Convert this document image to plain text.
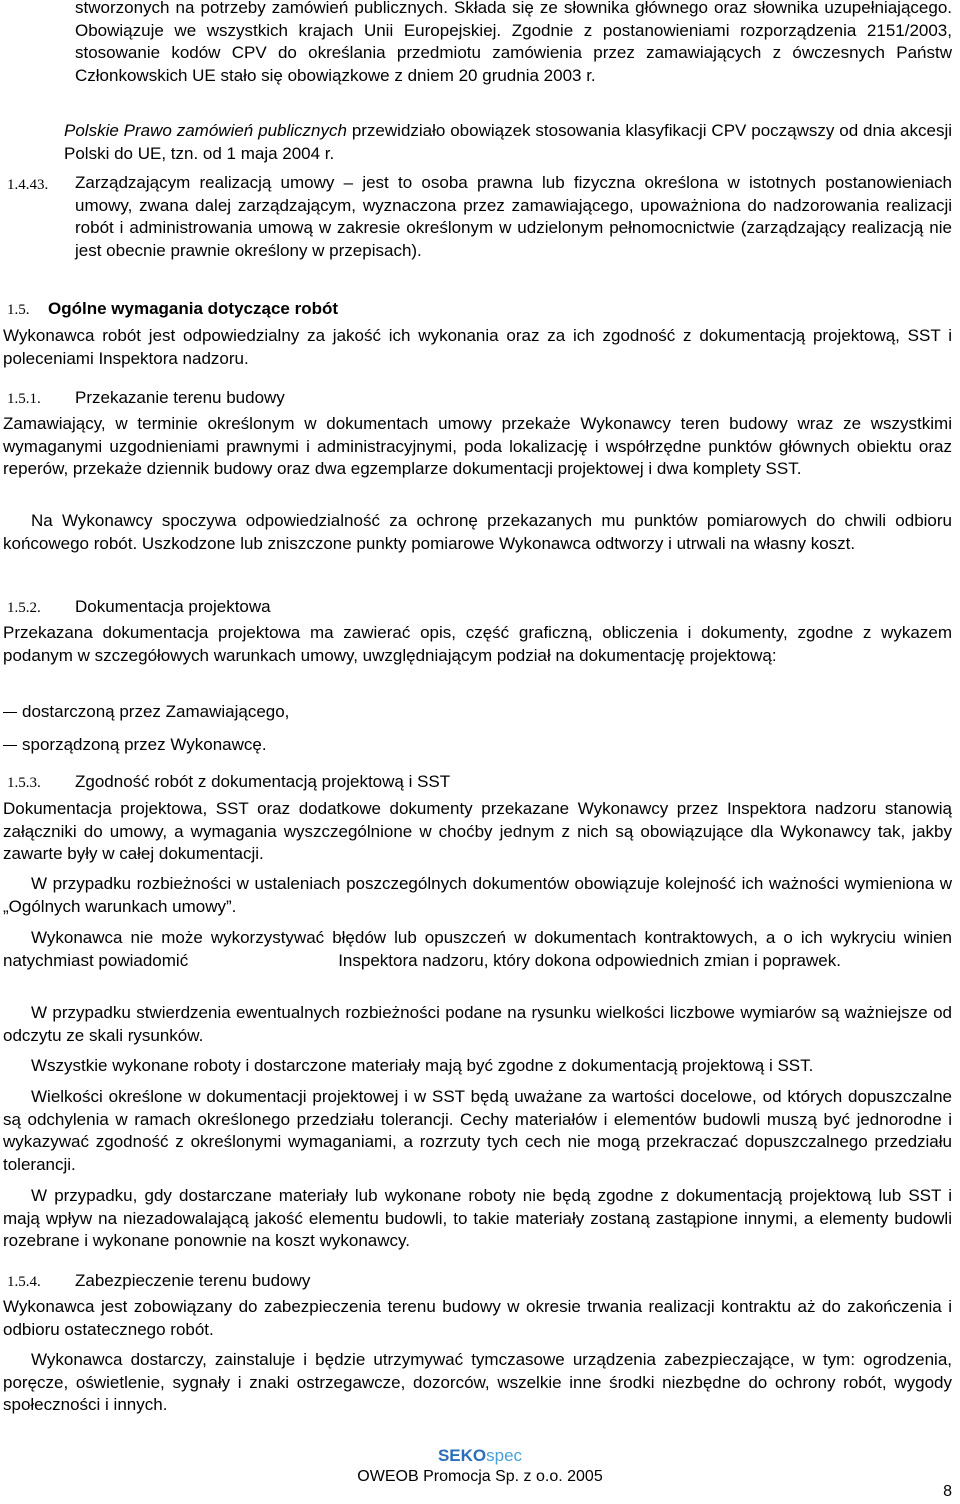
stworzonych na potrzeby zamówień publicznych. Składa się ze słownika głównego oraz słownika uzupełniającego. Obowiązuje we wszystkich krajach Unii Europejskiej. Zgodnie z postanowieniami rozporządzenia 2151/2003, stosowanie kodów CPV do określania przedmiotu zamówienia przez zamawiających z ówczesnych Państw Członkowskich UE stało się obowiązkowe z dniem 20 grudnia 2003 r.

Polskie Prawo zamówień publicznych przewidziało obowiązek stosowania klasyfikacji CPV począwszy od dnia akcesji Polski do UE, tzn. od 1 maja 2004 r.

1.4.43. Zarządzającym realizacją umowy – jest to osoba prawna lub fizyczna określona w istotnych postanowieniach umowy, zwana dalej zarządzającym, wyznaczona przez zamawiającego, upoważniona do nadzorowania realizacji robót i administrowania umową w zakresie określonym w udzielonym pełnomocnictwie (zarządzający realizacją nie jest obecnie prawnie określony w przepisach).

1.5. Ogólne wymagania dotyczące robót

Wykonawca robót jest odpowiedzialny za jakość ich wykonania oraz za ich zgodność z dokumentacją projektową, SST i poleceniami Inspektora nadzoru.

1.5.1. Przekazanie terenu budowy

Zamawiający, w terminie określonym w dokumentach umowy przekaże Wykonawcy teren budowy wraz ze wszystkimi wymaganymi uzgodnieniami prawnymi i administracyjnymi, poda lokalizację i współrzędne punktów głównych obiektu oraz reperów, przekaże dziennik budowy oraz dwa egzemplarze dokumentacji projektowej i dwa komplety SST.

Na Wykonawcy spoczywa odpowiedzialność za ochronę przekazanych mu punktów pomiarowych do chwili odbioru końcowego robót. Uszkodzone lub zniszczone punkty pomiarowe Wykonawca odtworzy i utrwali na własny koszt.

1.5.2. Dokumentacja projektowa

Przekazana dokumentacja projektowa ma zawierać opis, część graficzną, obliczenia i dokumenty, zgodne z wykazem podanym w szczegółowych warunkach umowy, uwzględniającym podział na dokumentację projektową:

dostarczoną przez Zamawiającego,
sporządzoną przez Wykonawcę.
1.5.3. Zgodność robót z dokumentacją projektową i SST

Dokumentacja projektowa, SST oraz dodatkowe dokumenty przekazane Wykonawcy przez Inspektora nadzoru stanowią załączniki do umowy, a wymagania wyszczególnione w choćby jednym z nich są obowiązujące dla Wykonawcy tak, jakby zawarte były w całej dokumentacji.

W przypadku rozbieżności w ustaleniach poszczególnych dokumentów obowiązuje kolejność ich ważności wymieniona w „Ogólnych warunkach umowy”.

Wykonawca nie może wykorzystywać błędów lub opuszczeń w dokumentach kontraktowych, a o ich wykryciu winien natychmiast powiadomić	Inspektora nadzoru, który dokona odpowiednich zmian i poprawek.

W przypadku stwierdzenia ewentualnych rozbieżności podane na rysunku wielkości liczbowe wymiarów są ważniejsze od odczytu ze skali rysunków.

Wszystkie wykonane roboty i dostarczone materiały mają być zgodne z dokumentacją projektową i SST.

Wielkości określone w dokumentacji projektowej i w SST będą uważane za wartości docelowe, od których dopuszczalne są odchylenia w ramach określonego przedziału tolerancji. Cechy materiałów i elementów budowli muszą być jednorodne i wykazywać zgodność z określonymi wymaganiami, a rozrzuty tych cech nie mogą przekraczać dopuszczalnego przedziału tolerancji.

W przypadku, gdy dostarczane materiały lub wykonane roboty nie będą zgodne z dokumentacją projektową lub SST i mają wpływ na niezadowalającą jakość elementu budowli, to takie materiały zostaną zastąpione innymi, a elementy budowli rozebrane i wykonane ponownie na koszt wykonawcy.

1.5.4. Zabezpieczenie terenu budowy

Wykonawca jest zobowiązany do zabezpieczenia terenu budowy w okresie trwania realizacji kontraktu aż do zakończenia i odbioru ostatecznego robót.

Wykonawca dostarczy, zainstaluje i będzie utrzymywać tymczasowe urządzenia zabezpieczające, w tym: ogrodzenia, poręcze, oświetlenie, sygnały i znaki ostrzegawcze, dozorców, wszelkie inne środki niezbędne do ochrony robót, wygody społeczności i innych.

SEKOspec
OWEOB Promocja Sp. z o.o. 2005
8
